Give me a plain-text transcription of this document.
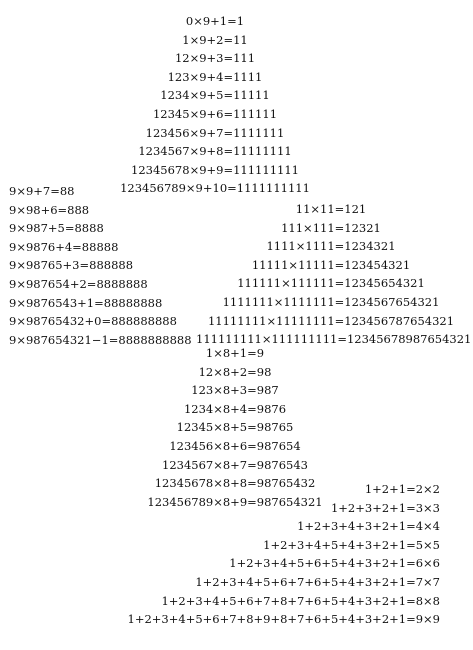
0×9+1=1
1×9+2=11
12×9+3=111
123×9+4=1111
1234×9+5=11111
12345×9+6=111111
123456×9+7=1111111
1234567×9+8=11111111
12345678×9+9=111111111
123456789×9+10=1111111111
9×9+7=88
9×98+6=888
9×987+5=8888
9×9876+4=88888
9×98765+3=888888
9×987654+2=8888888
9×9876543+1=88888888
9×98765432+0=888888888
9×987654321−1=8888888888
11×11=121
111×111=12321
1111×1111=1234321
11111×11111=123454321
111111×111111=12345654321
1111111×1111111=1234567654321
11111111×11111111=123456787654321
111111111×111111111=12345678987654321
1×8+1=9
12×8+2=98
123×8+3=987
1234×8+4=9876
12345×8+5=98765
123456×8+6=987654
1234567×8+7=9876543
12345678×8+8=98765432
123456789×8+9=987654321
1+2+1=2×2
1+2+3+2+1=3×3
1+2+3+4+3+2+1=4×4
1+2+3+4+5+4+3+2+1=5×5
1+2+3+4+5+6+5+4+3+2+1=6×6
1+2+3+4+5+6+7+6+5+4+3+2+1=7×7
1+2+3+4+5+6+7+8+7+6+5+4+3+2+1=8×8
1+2+3+4+5+6+7+8+9+8+7+6+5+4+3+2+1=9×9
